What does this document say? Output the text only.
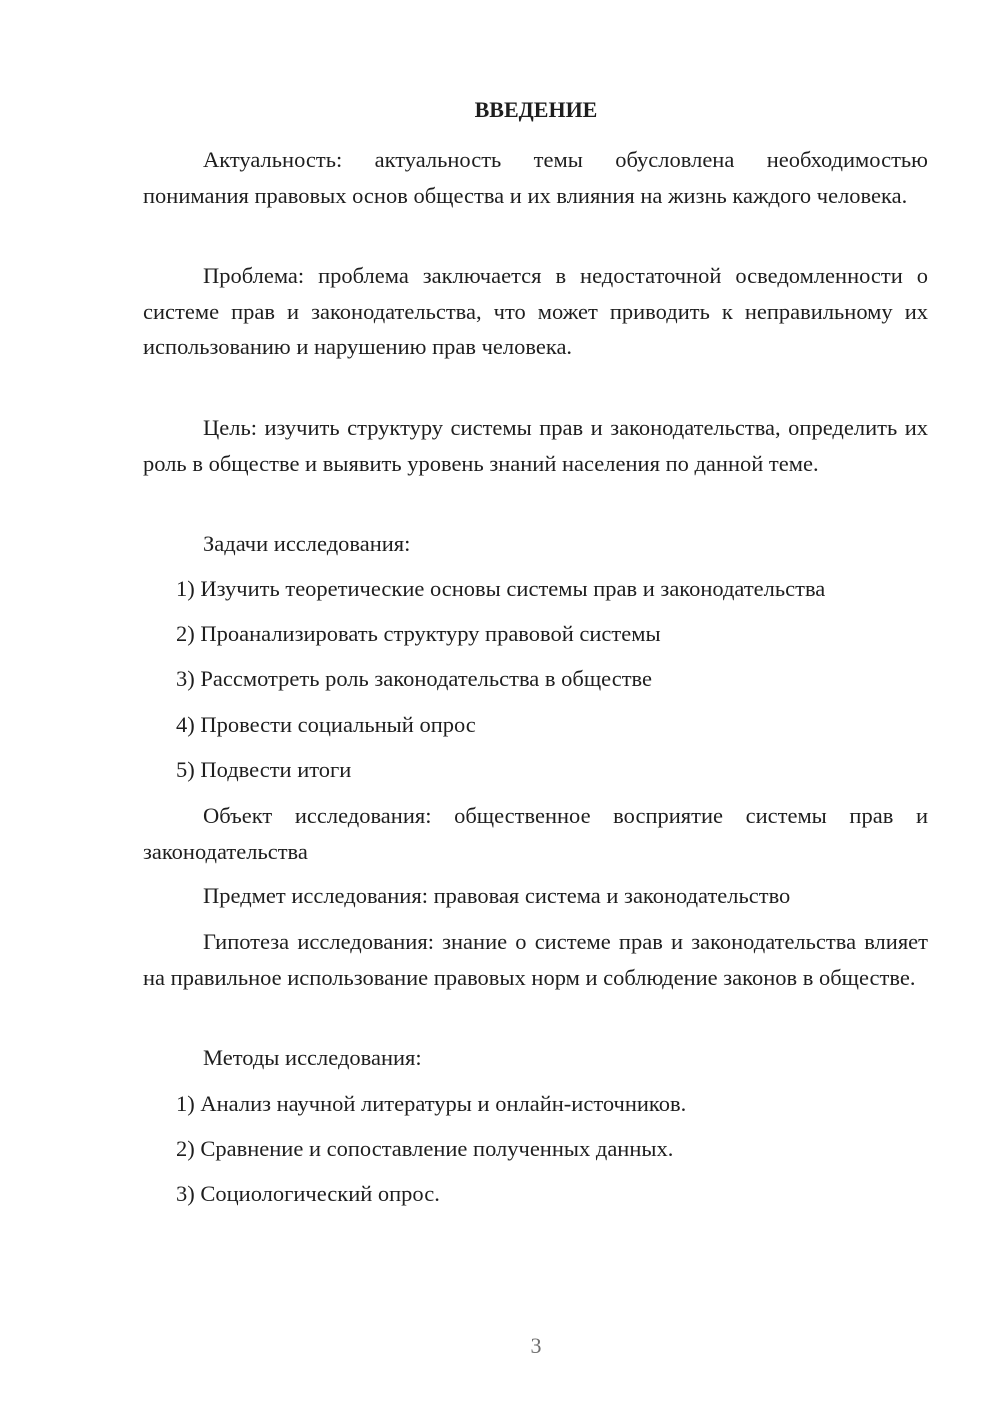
ВВЕДЕНИЕ
Актуальность: актуальность темы обусловлена необходимостью понимания правовых основ общества и их влияния на жизнь каждого человека.
Проблема: проблема заключается в недостаточной осведомленности о системе прав и законодательства, что может приводить к неправильному их использованию и нарушению прав человека.
Цель: изучить структуру системы прав и законодательства, определить их роль в обществе и выявить уровень знаний населения по данной теме.
Задачи исследования:
1) Изучить теоретические основы системы прав и законодательства
2) Проанализировать структуру правовой системы
3) Рассмотреть роль законодательства в обществе
4) Провести социальный опрос
5) Подвести итоги
Объект исследования: общественное восприятие системы прав и законодательства
Предмет исследования: правовая система и законодательство
Гипотеза исследования: знание о системе прав и законодательства влияет на правильное использование правовых норм и соблюдение законов в обществе.
Методы исследования:
1) Анализ научной литературы и онлайн-источников.
2) Сравнение и сопоставление полученных данных.
3) Социологический опрос.
3
